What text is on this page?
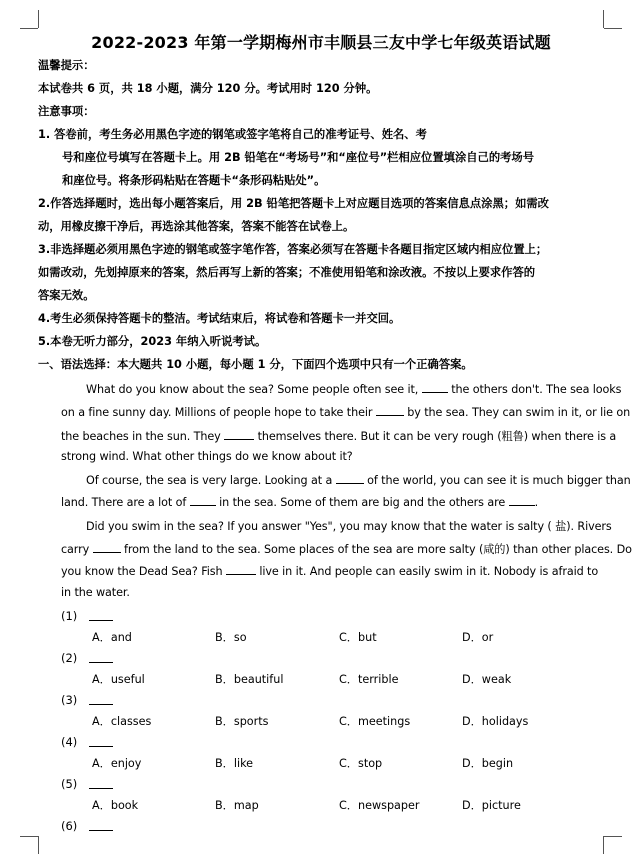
2022-2023 年第一学期梅州市丰顺县三友中学七年级英语试题
温馨提示：
本试卷共 6 页，共 18 小题，满分 120 分。考试用时 120 分钟。
注意事项：
1. 答卷前，考生务必用黑色字迹的钢笔或签字笔将自己的准考证号、姓名、考
号和座位号填写在答题卡上。用 2B 铅笔在“考场号”和“座位号”栏相应位置填涂自己的考场号
和座位号。将条形码粘贴在答题卡“条形码粘贴处”。
2.作答选择题时，选出每小题答案后，用 2B 铅笔把答题卡上对应题目选项的答案信息点涂黑；如需改
动，用橡皮擦干净后，再选涂其他答案，答案不能答在试卷上。
3.非选择题必须用黑色字迹的钢笔或签字笔作答，答案必须写在答题卡各题目指定区域内相应位置上；
如需改动，先划掉原来的答案，然后再写上新的答案；不准使用铅笔和涂改液。不按以上要求作答的
答案无效。
4.考生必须保持答题卡的整洁。考试结束后，将试卷和答题卡一并交回。
5.本卷无听力部分，2023 年纳入听说考试。
一、语法选择：本大题共 10 小题，每小题 1 分，下面四个选项中只有一个正确答案。
What do you know about the sea? Some people often see it,  the others don't. The sea looks
on a fine sunny day. Millions of people hope to take their	by the sea. They can swim in it, or lie on
the beaches in the sun. They	themselves there. But it can be very rough (粗鲁) when there is a
strong wind. What other things do we know about it?
Of course, the sea is very large. Looking at a	of the world, you can see it is much bigger than
land. There are a lot of  in the sea. Some of them are big and the others are .
Did you swim in the sea? If you answer "Yes", you may know that the water is salty ( 盐). Rivers
carry	from the land to the sea. Some places of the sea are more salty (咸的) than other places. Do
you know the Dead Sea? Fish	live in it. And people can easily swim in it. Nobody is afraid to
in the water.
(1)
A．and	B．so	C．but	D．or
(2)
A．useful	B．beautiful	C．terrible	D．weak
(3)
A．classes	B．sports	C．meetings	D．holidays
(4)
A．enjoy	B．like	C．stop	D．begin
(5)
A．book	B．map	C．newspaper	D．picture
(6)
